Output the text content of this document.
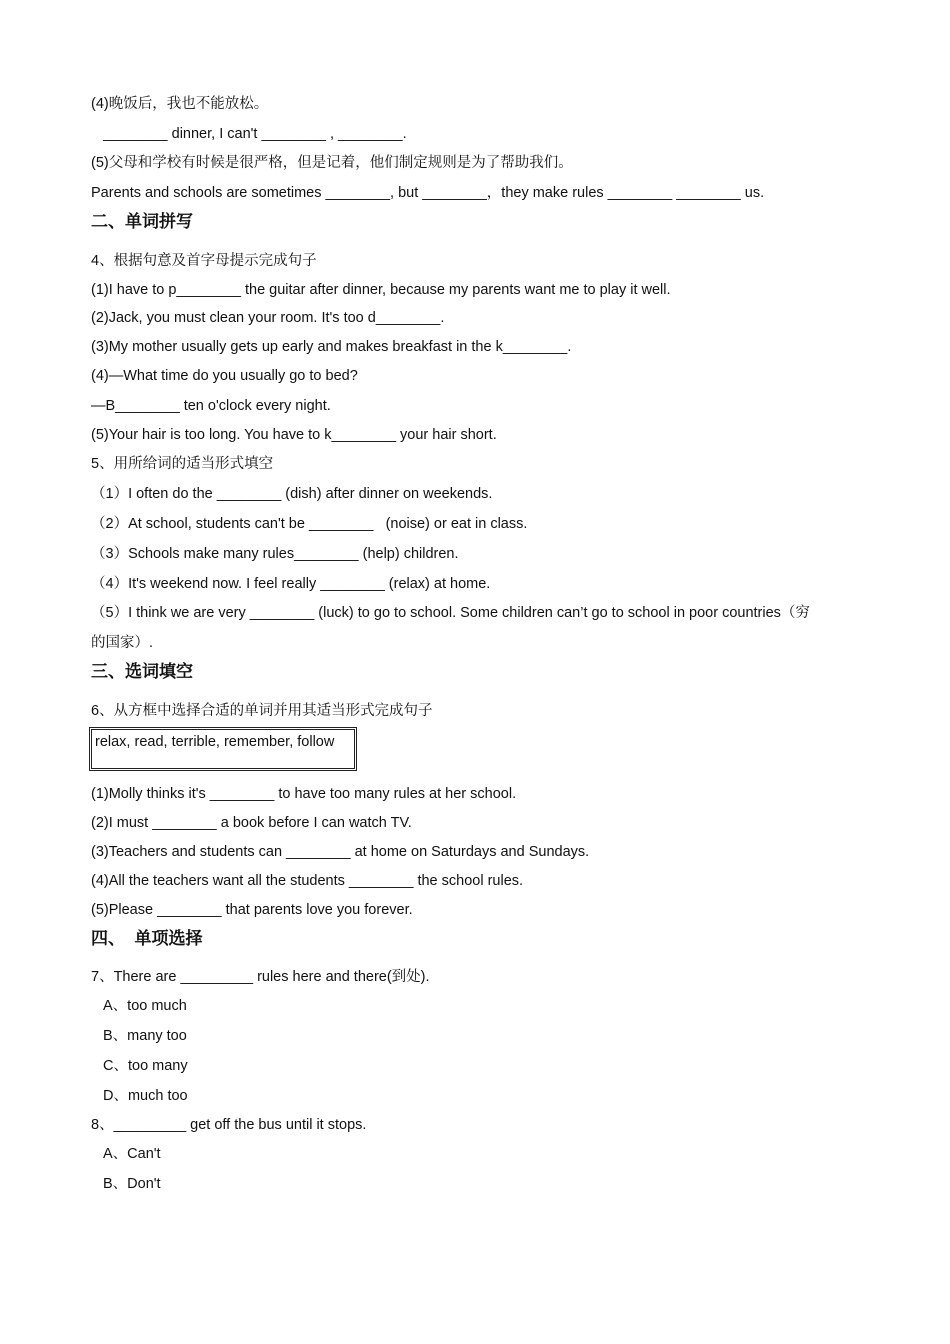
(4)晚饭后，我也不能放松。
________ dinner, I can't ________ , ________.
(5)父母和学校有时候是很严格，但是记着，他们制定规则是为了帮助我们。
Parents and schools are sometimes ________, but ________，they make rules ________ ________ us.
二、单词拼写
4、根据句意及首字母提示完成句子
(1)I have to p________ the guitar after dinner, because my parents want me to play it well.
(2)Jack, you must clean your room. It's too d________.
(3)My mother usually gets up early and makes breakfast in the k________.
(4)—What time do you usually go to bed?
—B________ ten o'clock every night.
(5)Your hair is too long. You have to k________ your hair short.
5、用所给词的适当形式填空
（1）I often do the ________ (dish) after dinner on weekends.
（2）At school, students can't be ________   (noise) or eat in class.
（3）Schools make many rules________ (help) children.
（4）It's weekend now. I feel really ________ (relax) at home.
（5）I think we are very ________ (luck) to go to school. Some children can’t go to school in poor countries（穷
的国家）.
三、选词填空
6、从方框中选择合适的单词并用其适当形式完成句子
relax, read, terrible, remember, follow
(1)Molly thinks it's ________ to have too many rules at her school.
(2)I must ________ a book before I can watch TV.
(3)Teachers and students can ________ at home on Saturdays and Sundays.
(4)All the teachers want all the students ________ the school rules.
(5)Please ________ that parents love you forever.
四、  单项选择
7、There are _________ rules here and there(到处).
A、too much
B、many too
C、too many
D、much too
8、_________ get off the bus until it stops.
A、Can't
B、Don't
